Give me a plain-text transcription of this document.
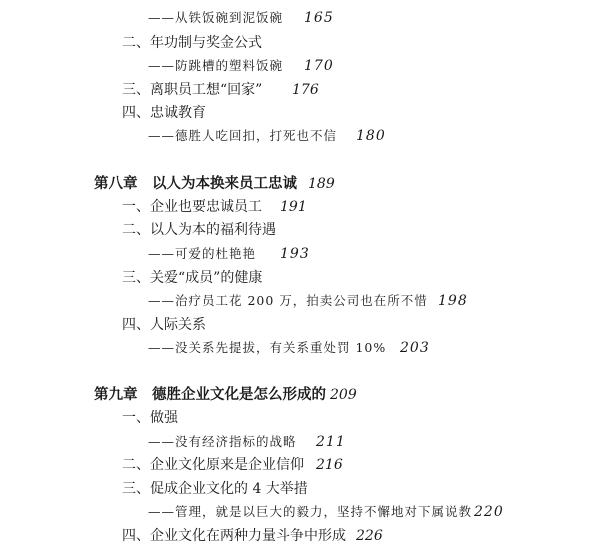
——从铁饭碗到泥饭碗 165
二、年功制与奖金公式
——防跳槽的塑料饭碗 170
三、离职员工想“回家” 176
四、忠诚教育
——德胜人吃回扣，打死也不信 180
第八章　以人为本换来员工忠诚 189
一、企业也要忠诚员工 191
二、以人为本的福利待遇
——可爱的杜艳艳 193
三、关爱“成员”的健康
——治疗员工花 200 万，拍卖公司也在所不惜 198
四、人际关系
——没关系先提拔，有关系重处罚 10% 203
第九章　德胜企业文化是怎么形成的 209
一、做强
——没有经济指标的战略 211
二、企业文化原来是企业信仰 216
三、促成企业文化的 4 大举措
——管理，就是以巨大的毅力，坚持不懈地对下属说教 220
四、企业文化在两种力量斗争中形成 226
